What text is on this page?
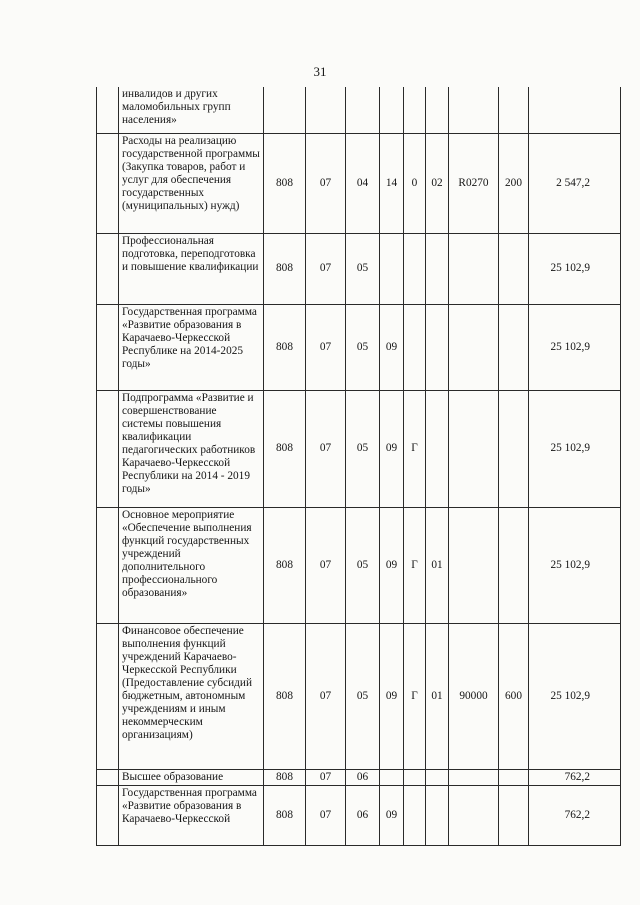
31
	инвалидов и других маломобильных групп населения»									
	Расходы на реализацию государственной программы (Закупка товаров, работ и услуг для обеспечения государственных (муниципальных) нужд)	808	07	04	14	0	02	R0270	200	2 547,2
	Профессиональная подготовка, переподготовка и повышение квалификации	808	07	05						25 102,9
	Государственная программа «Развитие образования в Карачаево-Черкесской Республике на 2014-2025 годы»	808	07	05	09					25 102,9
	Подпрограмма «Развитие и совершенствование системы повышения квалификации педагогических работников Карачаево-Черкесской Республики на 2014 - 2019 годы»	808	07	05	09	Г				25 102,9
	Основное мероприятие «Обеспечение выполнения функций государственных учреждений дополнительного профессионального образования»	808	07	05	09	Г	01			25 102,9
	Финансовое обеспечение выполнения функций учреждений Карачаево-Черкесской Республики (Предоставление субсидий бюджетным, автономным учреждениям и иным некоммерческим организациям)	808	07	05	09	Г	01	90000	600	25 102,9
	Высшее образование	808	07	06						762,2
	Государственная программа «Развитие образования в Карачаево-Черкесской	808	07	06	09					762,2
